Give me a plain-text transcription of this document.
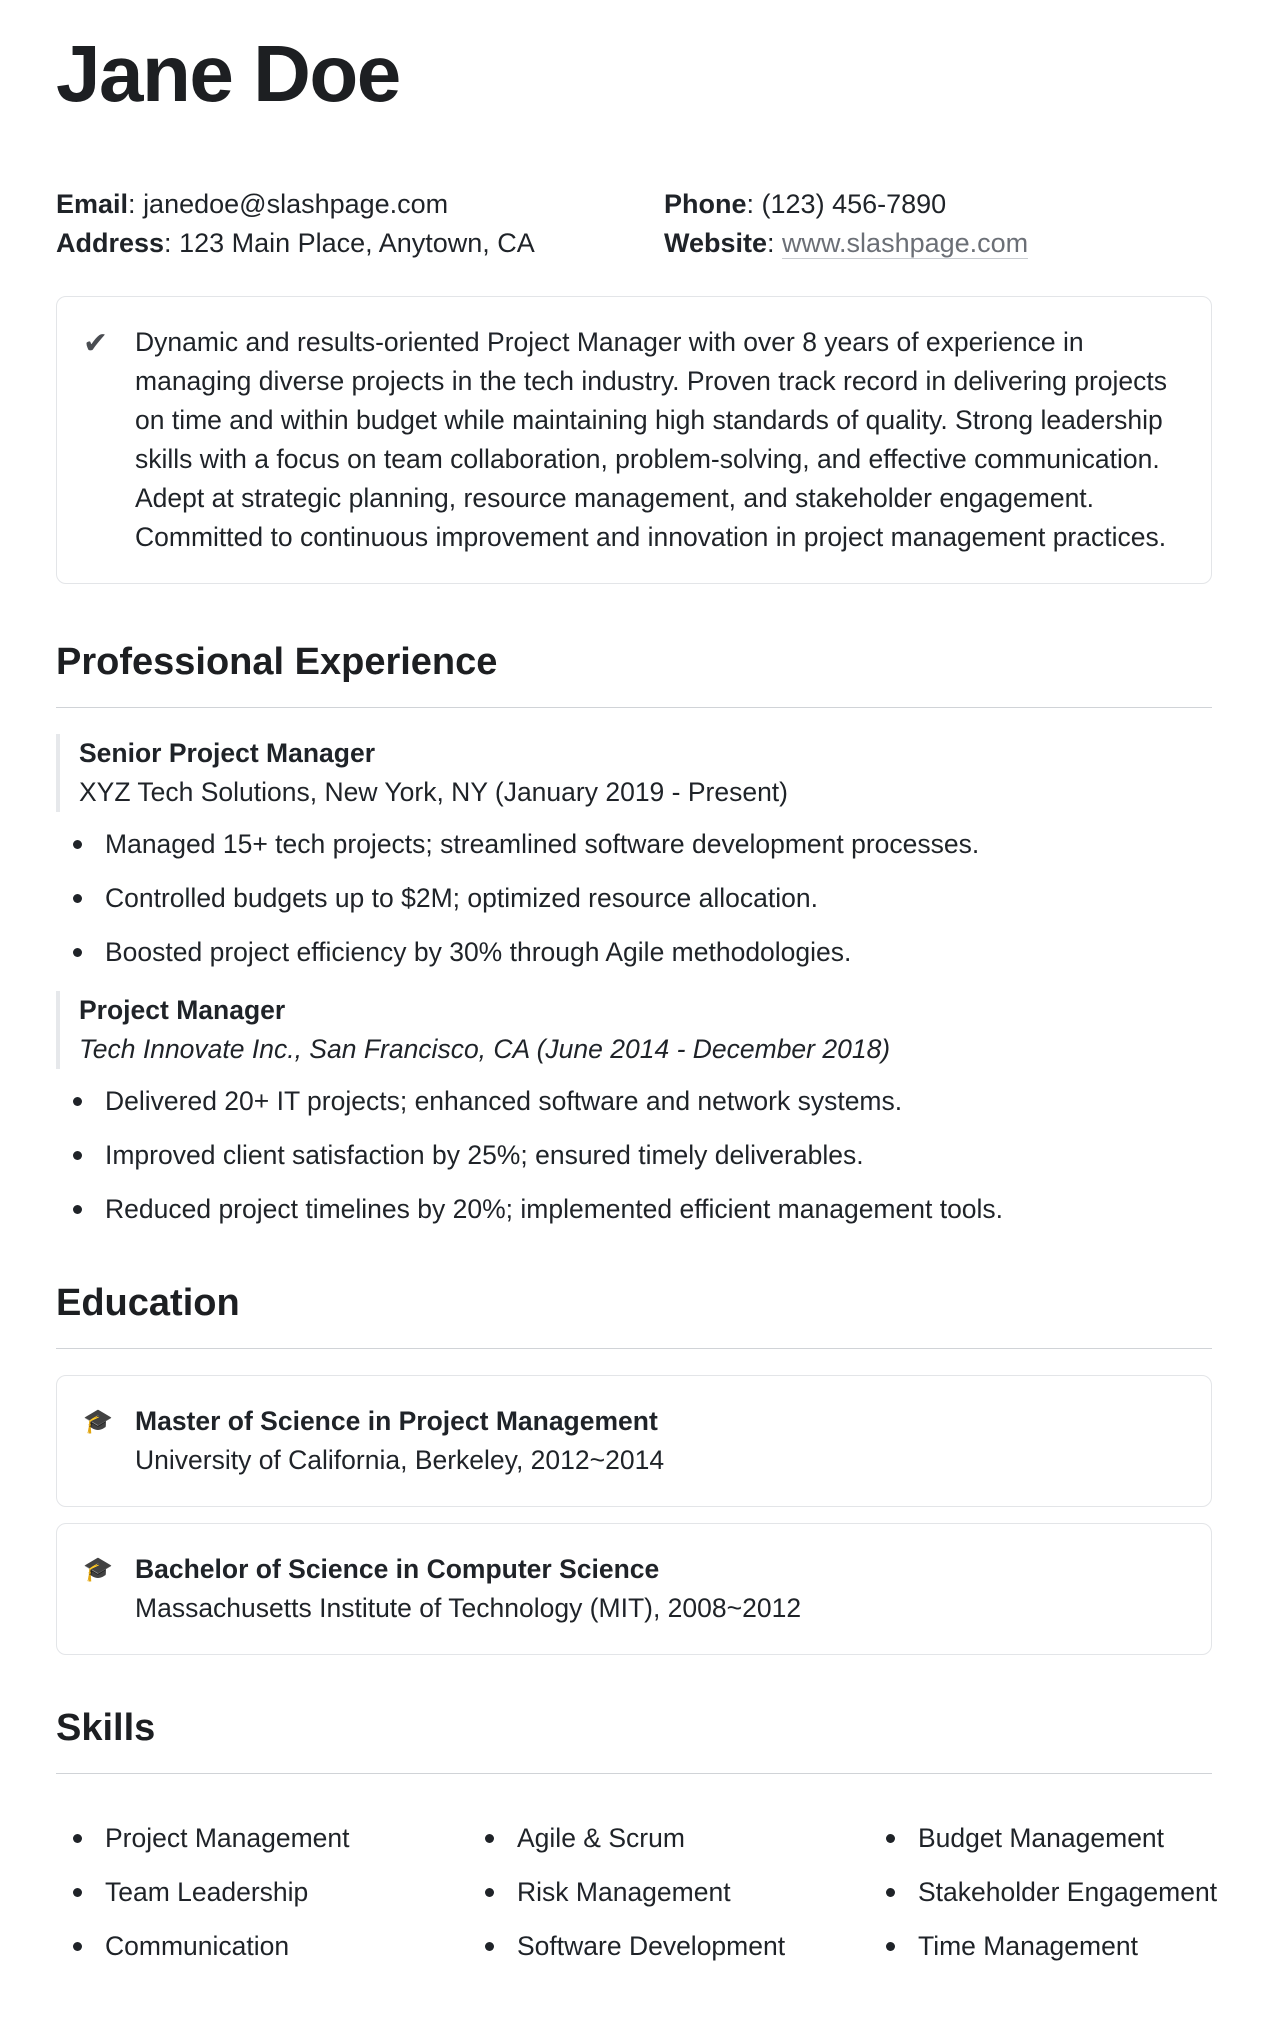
Jane Doe
Email: janedoe@slashpage.com	Phone: (123) 456-7890
Address: 123 Main Place, Anytown, CA	Website: www.slashpage.com
✔ Dynamic and results-oriented Project Manager with over 8 years of experience in managing diverse projects in the tech industry. Proven track record in delivering projects on time and within budget while maintaining high standards of quality. Strong leadership skills with a focus on team collaboration, problem-solving, and effective communication. Adept at strategic planning, resource management, and stakeholder engagement. Committed to continuous improvement and innovation in project management practices.

Professional Experience
Senior Project Manager
XYZ Tech Solutions, New York, NY (January 2019 - Present)
Managed 15+ tech projects; streamlined software development processes.
Controlled budgets up to $2M; optimized resource allocation.
Boosted project efficiency by 30% through Agile methodologies.
Project Manager
Tech Innovate Inc., San Francisco, CA (June 2014 - December 2018)
Delivered 20+ IT projects; enhanced software and network systems.
Improved client satisfaction by 25%; ensured timely deliverables.
Reduced project timelines by 20%; implemented efficient management tools.
Education
🎓 Master of Science in Project Management
University of California, Berkeley, 2012~2014
🎓 Bachelor of Science in Computer Science
Massachusetts Institute of Technology (MIT), 2008~2012
Skills
Project Management
Team Leadership
Communication
Agile & Scrum
Risk Management
Software Development
Budget Management
Stakeholder Engagement
Time Management
